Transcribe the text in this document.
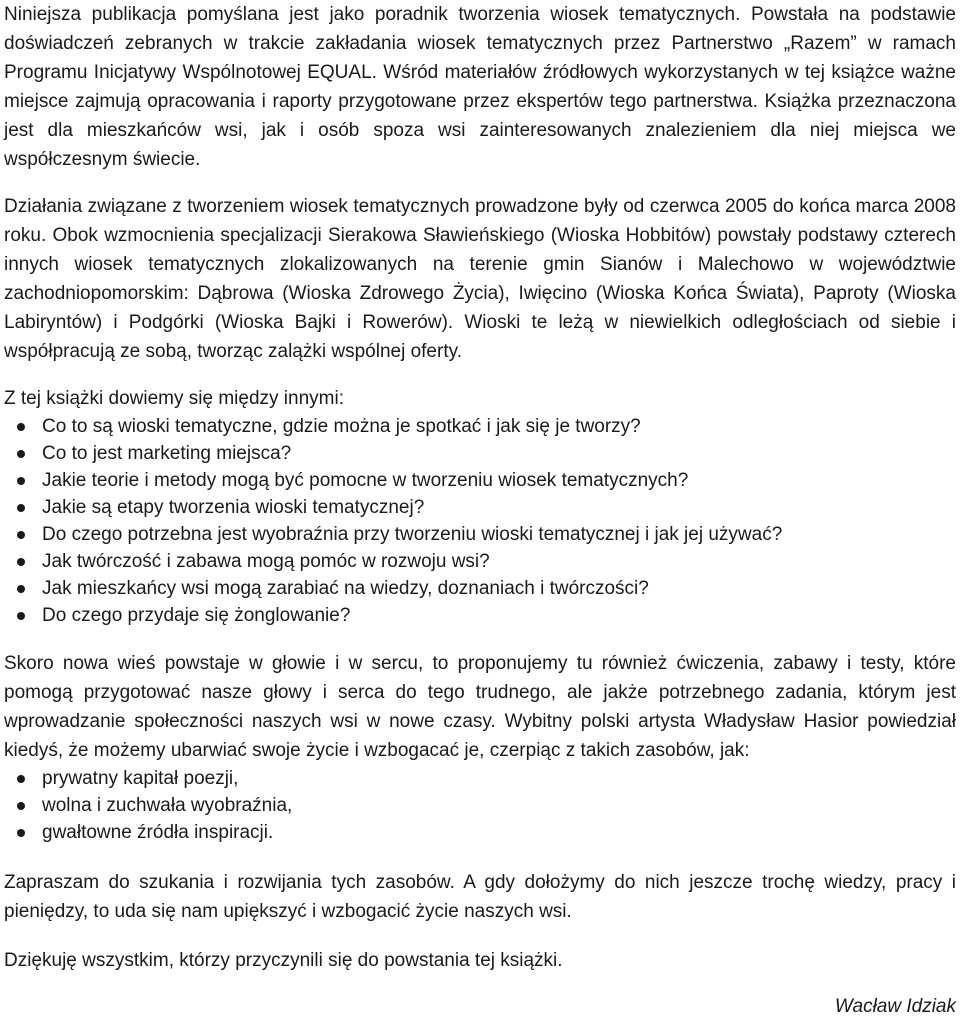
Niniejsza publikacja pomyślana jest jako poradnik tworzenia wiosek tematycznych. Powstała na podstawie doświadczeń zebranych w trakcie zakładania wiosek tematycznych przez Partnerstwo „Razem” w ramach Programu Inicjatywy Wspólnotowej EQUAL. Wśród materiałów źródłowych wykorzystanych w tej książce ważne miejsce zajmują opracowania i raporty przygotowane przez ekspertów tego partnerstwa. Książka przeznaczona jest dla mieszkańców wsi, jak i osób spoza wsi zainteresowanych znalezieniem dla niej miejsca we współczesnym świecie.

Działania związane z tworzeniem wiosek tematycznych prowadzone były od czerwca 2005 do końca marca 2008 roku. Obok wzmocnienia specjalizacji Sierakowa Sławieńskiego (Wioska Hobbitów) powstały podstawy czterech innych wiosek tematycznych zlokalizowanych na terenie gmin Sianów i Malechowo w województwie zachodniopomorskim: Dąbrowa (Wioska Zdrowego Życia), Iwięcino (Wioska Końca Świata), Paproty (Wioska Labiryntów) i Podgórki (Wioska Bajki i Rowerów). Wioski te leżą w niewielkich odległościach od siebie i współpracują ze sobą, tworząc zalążki wspólnej oferty.

Z tej książki dowiemy się między innymi:

Co to są wioski tematyczne, gdzie można je spotkać i jak się je tworzy?
Co to jest marketing miejsca?
Jakie teorie i metody mogą być pomocne w tworzeniu wiosek tematycznych?
Jakie są etapy tworzenia wioski tematycznej?
Do czego potrzebna jest wyobraźnia przy tworzeniu wioski tematycznej i jak jej używać?
Jak twórczość i zabawa mogą pomóc w rozwoju wsi?
Jak mieszkańcy wsi mogą zarabiać na wiedzy, doznaniach i twórczości?
Do czego przydaje się żonglowanie?

Skoro nowa wieś powstaje w głowie i w sercu, to proponujemy tu również ćwiczenia, zabawy i testy, które pomogą przygotować nasze głowy i serca do tego trudnego, ale jakże potrzebnego zadania, którym jest wprowadzanie społeczności naszych wsi w nowe czasy. Wybitny polski artysta Władysław Hasior powiedział kiedyś, że możemy ubarwiać swoje życie i wzbogacać je, czerpiąc z takich zasobów, jak:

prywatny kapitał poezji,
wolna i zuchwała wyobraźnia,
gwałtowne źródła inspiracji.

Zapraszam do szukania i rozwijania tych zasobów. A gdy dołożymy do nich jeszcze trochę wiedzy, pracy i pieniędzy, to uda się nam upiększyć i wzbogacić życie naszych wsi.

Dziękuję wszystkim, którzy przyczynili się do powstania tej książki.

Wacław Idziak
